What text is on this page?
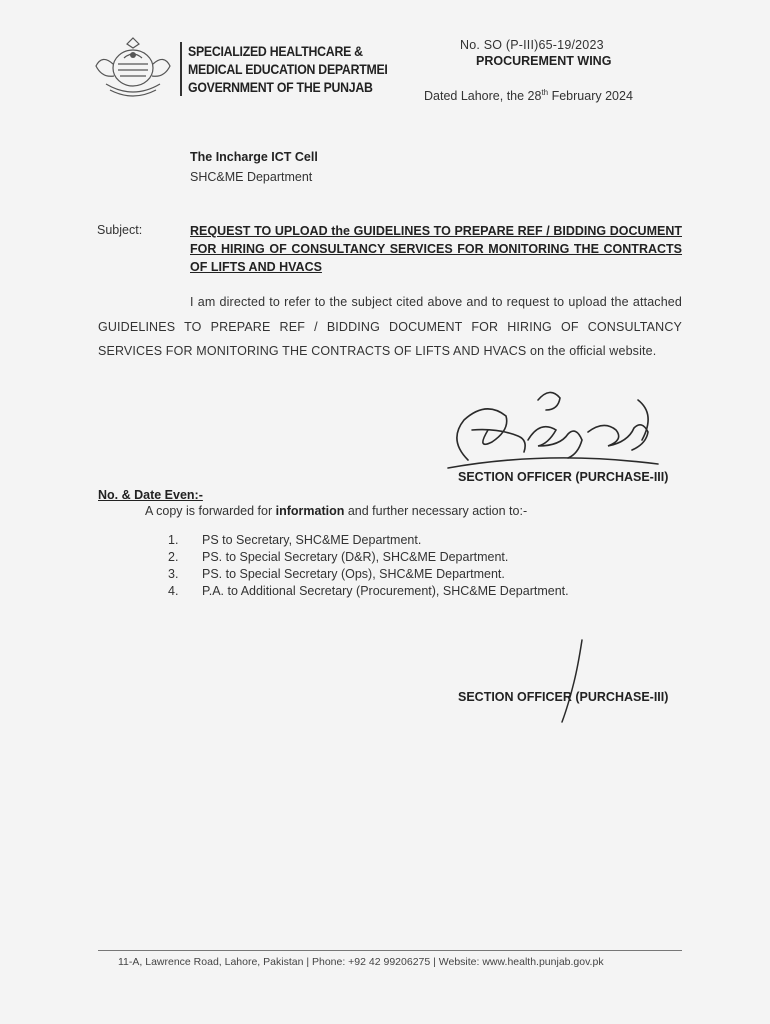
SPECIALIZED HEALTHCARE &
MEDICAL EDUCATION DEPARTMEI
GOVERNMENT OF THE PUNJAB
No. SO (P-III)65-19/2023
PROCUREMENT WING
Dated Lahore, the 28th February 2024
The Incharge ICT Cell
SHC&ME Department
Subject:	REQUEST TO UPLOAD the GUIDELINES TO PREPARE REF / BIDDING DOCUMENT FOR HIRING OF CONSULTANCY SERVICES FOR MONITORING THE CONTRACTS OF LIFTS AND HVACS
I am directed to refer to the subject cited above and to request to upload the attached GUIDELINES TO PREPARE REF / BIDDING DOCUMENT FOR HIRING OF CONSULTANCY SERVICES FOR MONITORING THE CONTRACTS OF LIFTS AND HVACS on the official website.
SECTION OFFICER (PURCHASE-III)
No. & Date Even:-
A copy is forwarded for information and further necessary action to:-
1. PS to Secretary, SHC&ME Department.
2. PS. to Special Secretary (D&R), SHC&ME Department.
3. PS. to Special Secretary (Ops), SHC&ME Department.
4. P.A. to Additional Secretary (Procurement), SHC&ME Department.
SECTION OFFICER (PURCHASE-III)
11-A, Lawrence Road, Lahore, Pakistan | Phone: +92 42 99206275 | Website: www.health.punjab.gov.pk
